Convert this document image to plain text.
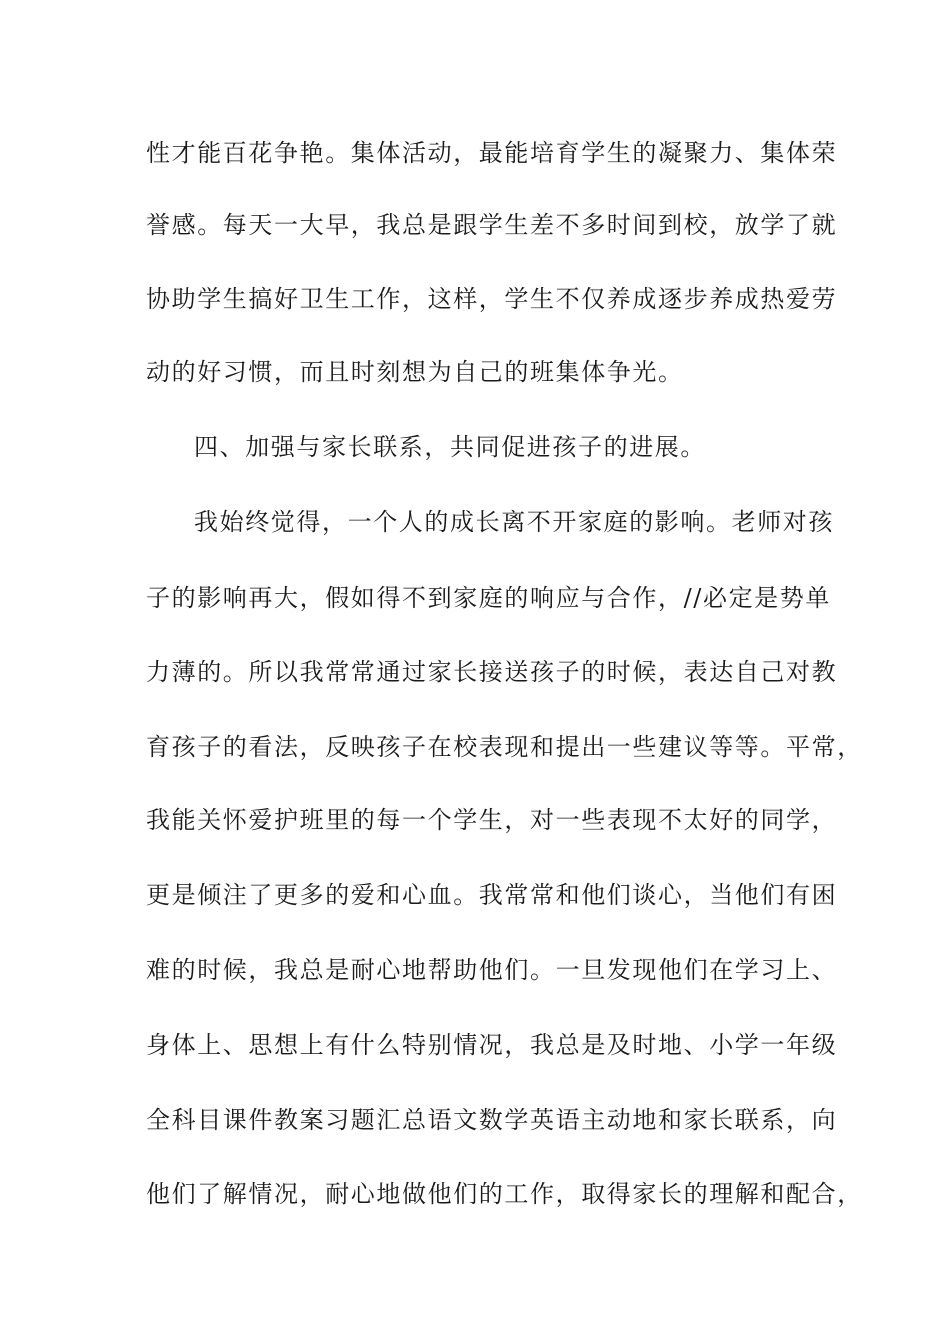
性才能百花争艳。集体活动，最能培育学生的凝聚力、集体荣
誉感。每天一大早，我总是跟学生差不多时间到校，放学了就
协助学生搞好卫生工作，这样，学生不仅养成逐步养成热爱劳
动的好习惯，而且时刻想为自己的班集体争光。
四、加强与家长联系，共同促进孩子的进展。
我始终觉得，一个人的成长离不开家庭的影响。老师对孩
子的影响再大，假如得不到家庭的响应与合作，//必定是势单
力薄的。所以我常常通过家长接送孩子的时候，表达自己对教
育孩子的看法，反映孩子在校表现和提出一些建议等等。平常，
我能关怀爱护班里的每一个学生，对一些表现不太好的同学，
更是倾注了更多的爱和心血。我常常和他们谈心，当他们有困
难的时候，我总是耐心地帮助他们。一旦发现他们在学习上、
身体上、思想上有什么特别情况，我总是及时地、小学一年级
全科目课件教案习题汇总语文数学英语主动地和家长联系，向
他们了解情况，耐心地做他们的工作，取得家长的理解和配合，
